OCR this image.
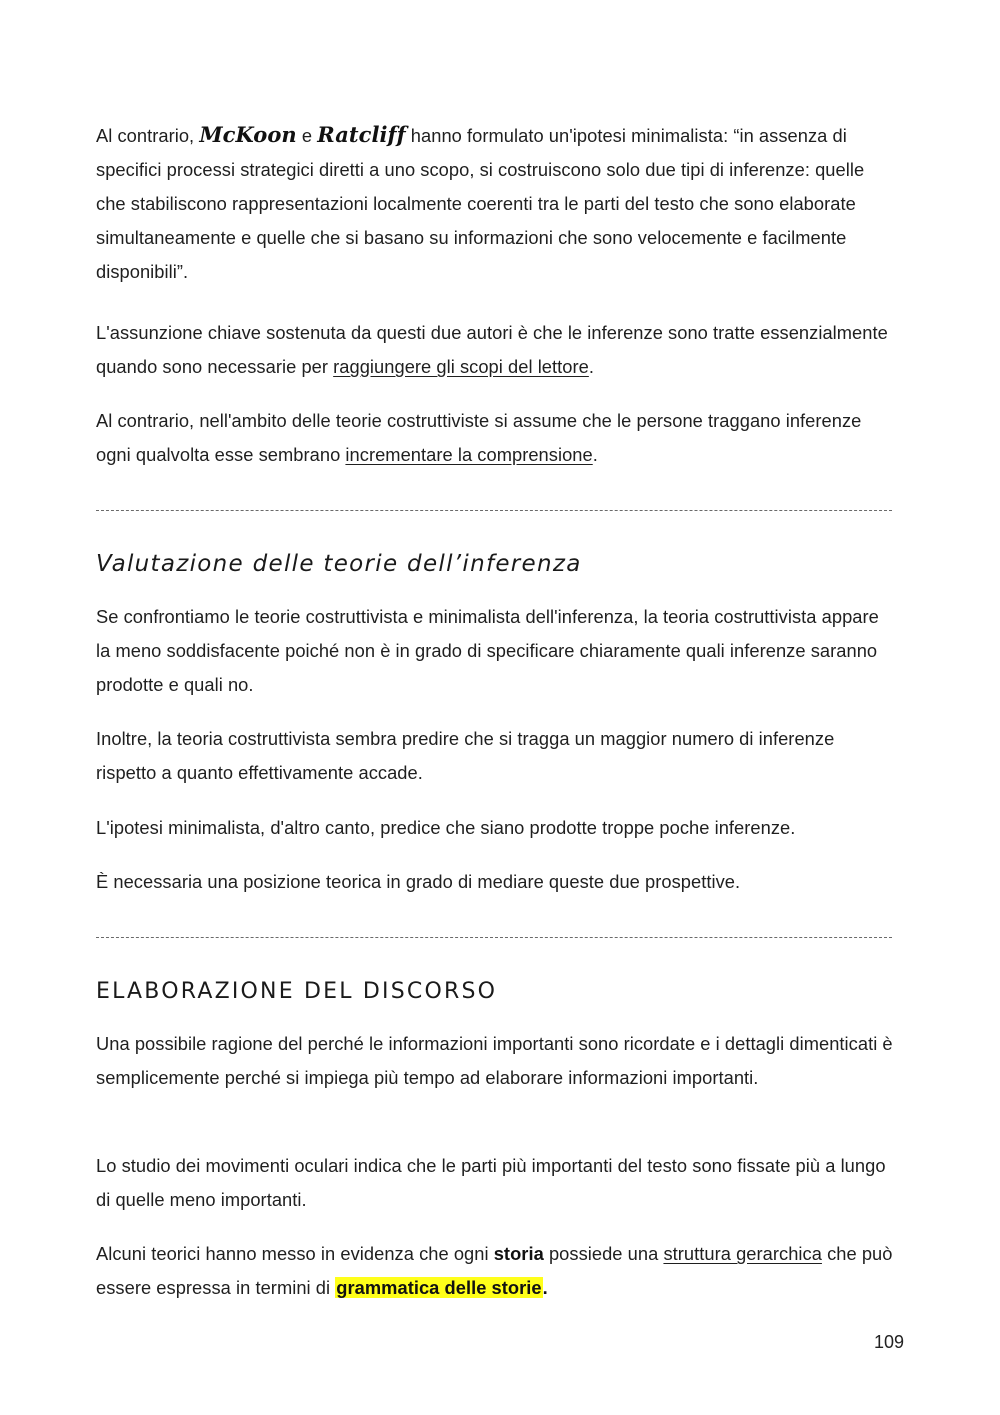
Al contrario, McKoon e Ratcliff hanno formulato un'ipotesi minimalista: “in assenza di specifici processi strategici diretti a uno scopo, si costruiscono solo due tipi di inferenze: quelle che stabiliscono rappresentazioni localmente coerenti tra le parti del testo che sono elaborate simultaneamente e quelle che si basano su informazioni che sono velocemente e facilmente disponibili”.

L'assunzione chiave sostenuta da questi due autori è che le inferenze sono tratte essenzialmente quando sono necessarie per raggiungere gli scopi del lettore.

Al contrario, nell'ambito delle teorie costruttiviste si assume che le persone traggano inferenze ogni qualvolta esse sembrano incrementare la comprensione.

Valutazione delle teorie dell’inferenza

Se confrontiamo le teorie costruttivista e minimalista dell'inferenza, la teoria costruttivista appare la meno soddisfacente poiché non è in grado di specificare chiaramente quali inferenze saranno prodotte e quali no.

Inoltre, la teoria costruttivista sembra predire che si tragga un maggior numero di inferenze rispetto a quanto effettivamente accade.

L'ipotesi minimalista, d'altro canto, predice che siano prodotte troppe poche inferenze.

È necessaria una posizione teorica in grado di mediare queste due prospettive.

ELABORAZIONE DEL DISCORSO

Una possibile ragione del perché le informazioni importanti sono ricordate e i dettagli dimenticati è semplicemente perché si impiega più tempo ad elaborare informazioni importanti.

Lo studio dei movimenti oculari indica che le parti più importanti del testo sono fissate più a lungo di quelle meno importanti.

Alcuni teorici hanno messo in evidenza che ogni storia possiede una struttura gerarchica che può essere espressa in termini di grammatica delle storie.

109
